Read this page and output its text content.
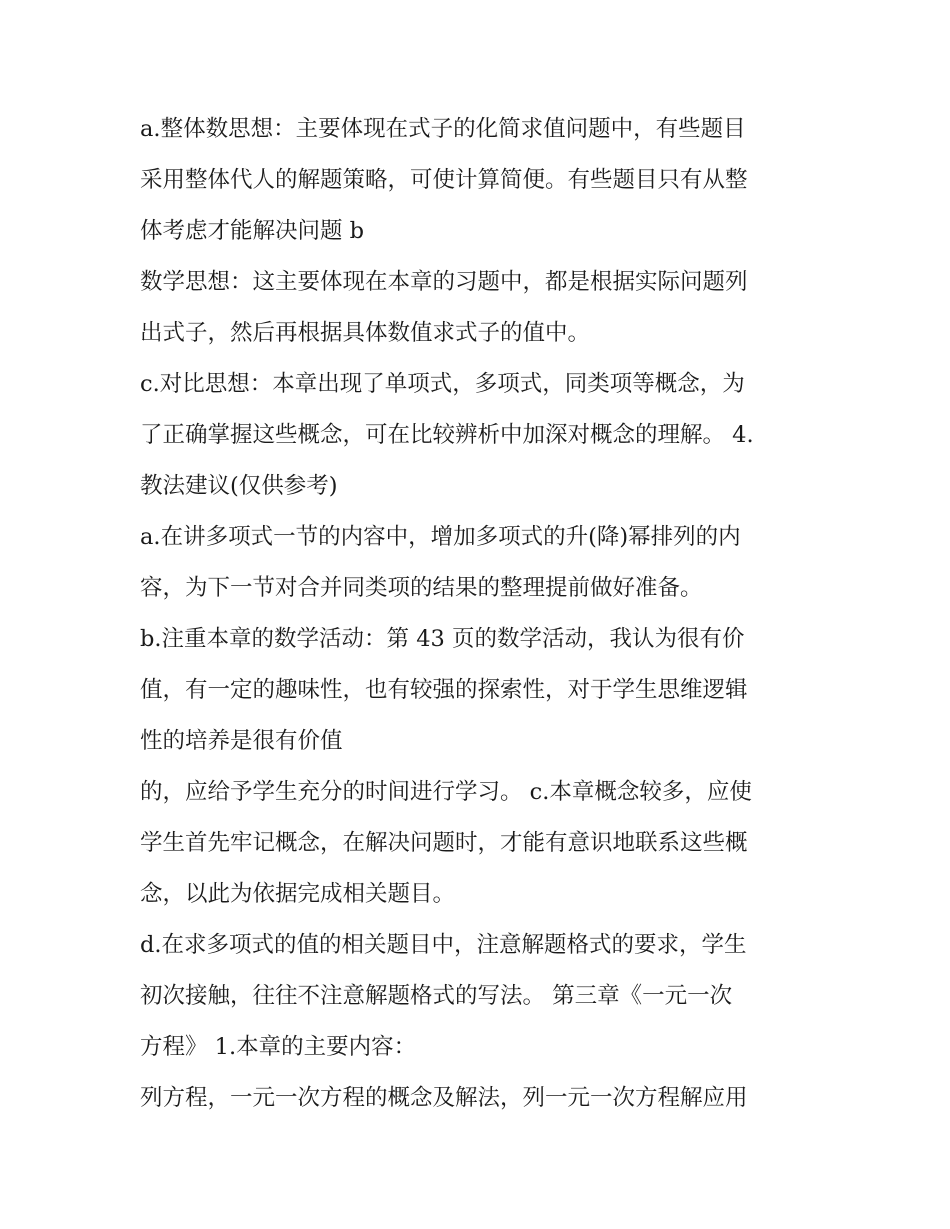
a.整体数思想：主要体现在式子的化简求值问题中，有些题目
采用整体代人的解题策略，可使计算简便。有些题目只有从整
体考虑才能解决问题 b
数学思想：这主要体现在本章的习题中，都是根据实际问题列
出式子，然后再根据具体数值求式子的值中。
c.对比思想：本章出现了单项式，多项式，同类项等概念，为
了正确掌握这些概念，可在比较辨析中加深对概念的理解。 4.
教法建议(仅供参考)
a.在讲多项式一节的内容中，增加多项式的升(降)幂排列的内
容，为下一节对合并同类项的结果的整理提前做好准备。
b.注重本章的数学活动：第 43 页的数学活动，我认为很有价
值，有一定的趣味性，也有较强的探索性，对于学生思维逻辑
性的培养是很有价值
的，应给予学生充分的时间进行学习。 c.本章概念较多，应使
学生首先牢记概念，在解决问题时，才能有意识地联系这些概
念，以此为依据完成相关题目。
d.在求多项式的值的相关题目中，注意解题格式的要求，学生
初次接触，往往不注意解题格式的写法。 第三章《一元一次
方程》 1.本章的主要内容：
列方程，一元一次方程的概念及解法，列一元一次方程解应用
